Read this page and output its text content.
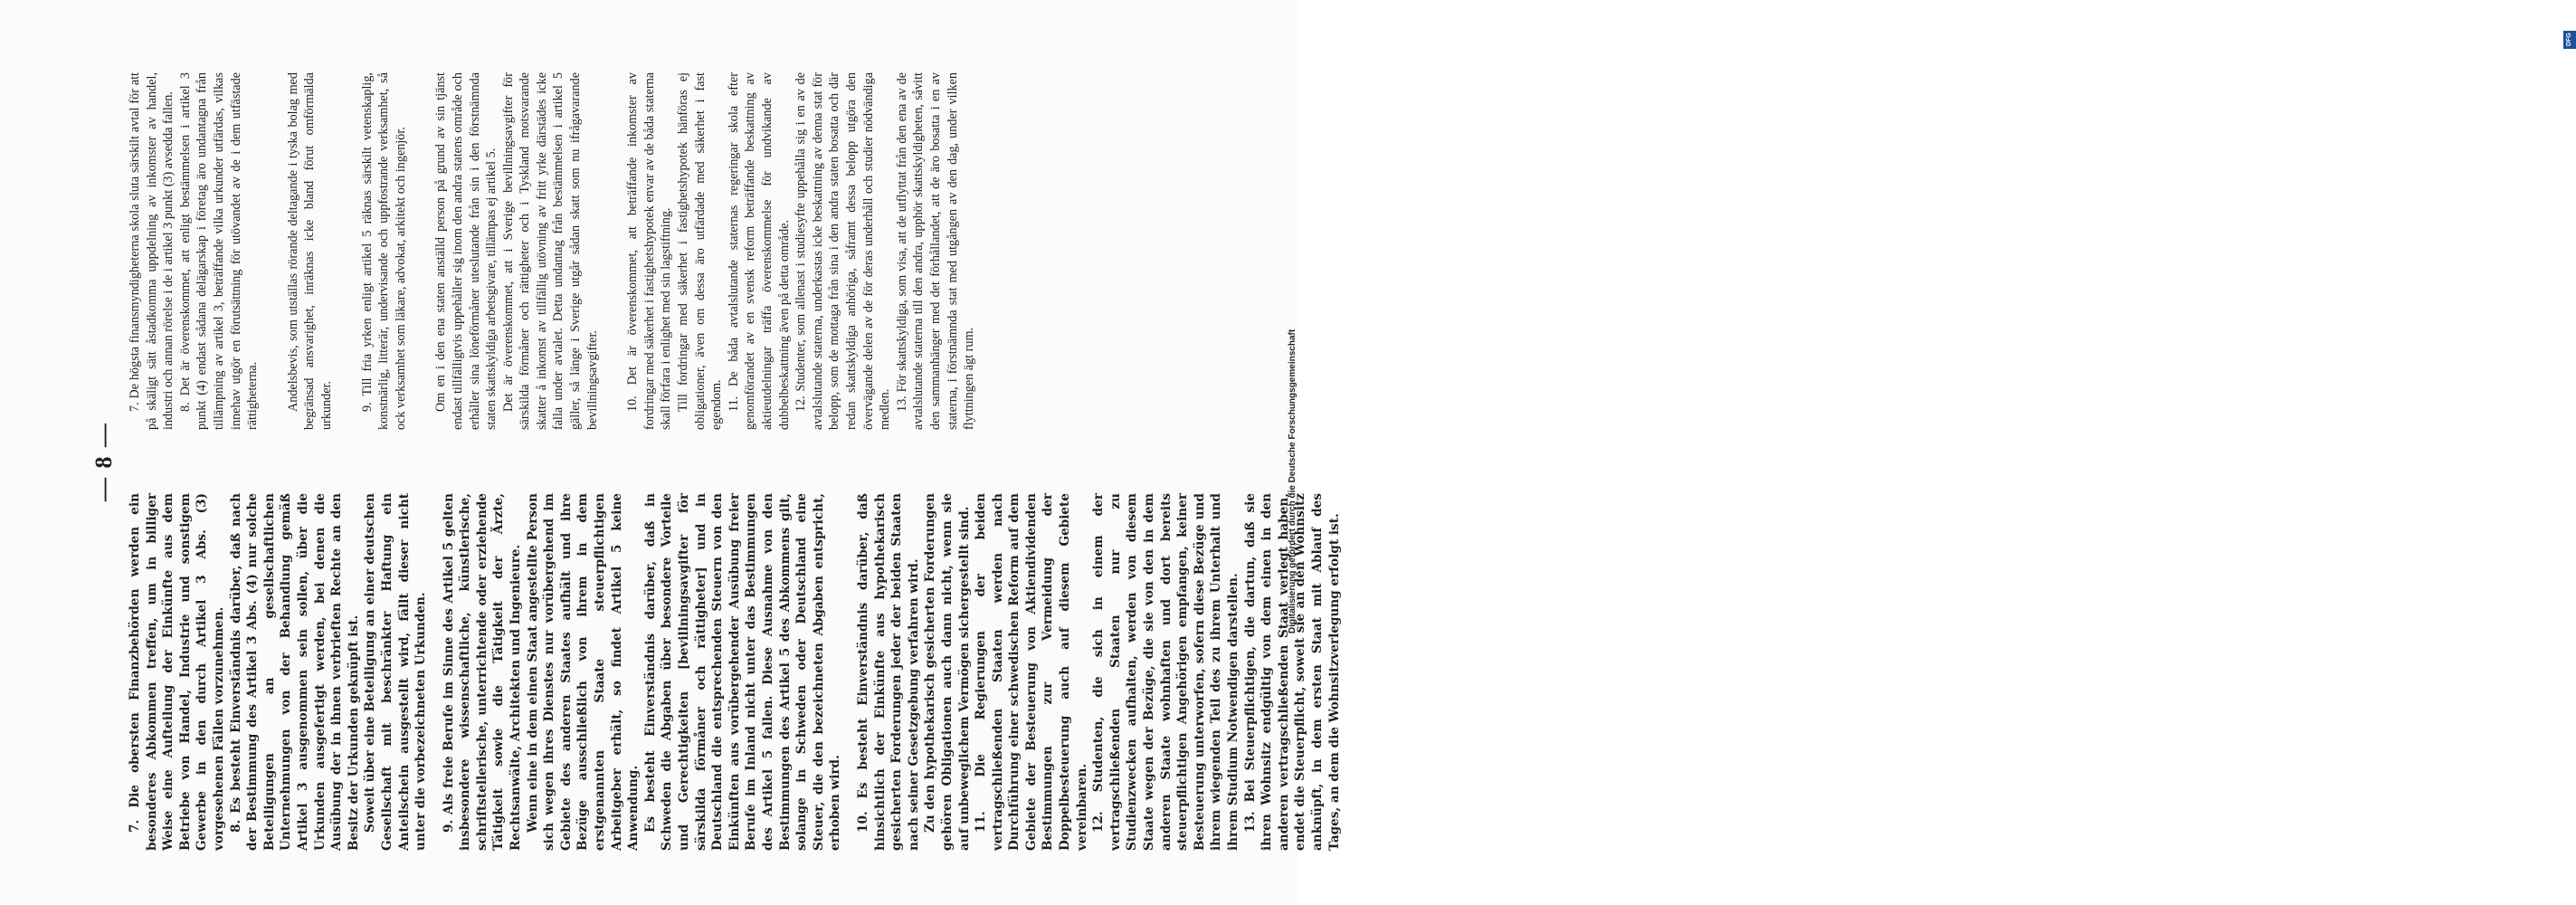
— 8 —

7. Die obersten Finanzbehörden werden ein besonderes Abkommen treffen, um in billiger Weise eine Aufteilung der Einkünfte aus dem Betriebe von Handel, Industrie und sonstigem Gewerbe in den durch Artikel 3 Abs. (3) vorgesehenen Fällen vorzunehmen. 8. Es besteht Einverständnis darüber, daß nach der Bestimmung des Artikel 3 Abs. (4) nur solche Beteiligungen an gesellschaftlichen Unternehmungen von der Behandlung gemäß Artikel 3 ausgenommen sein sollen, über die Urkunden ausgefertigt werden, bei denen die Ausübung der in ihnen verbrieften Rechte an den Besitz der Urkunden geknüpft ist. Soweit über eine Beteiligung an einer deutschen Gesellschaft mit beschränkter Haftung ein Anteilschein ausgestellt wird, fällt dieser nicht unter die vorbezeichneten Urkunden. 9. Als freie Berufe im Sinne des Artikel 5 gelten insbesondere wissenschaftliche, künstlerische, schriftstellerische, unterrichtende oder erziehende Tätigkeit sowie die Tätigkeit der Ärzte, Rechtsanwälte, Architekten und Ingenieure. Wenn eine in dem einen Staat angestellte Person sich wegen ihres Dienstes nur vorübergehend im Gebiete des anderen Staates aufhält und ihre Bezüge ausschließlich von ihrem in dem erstgenannten Staate steuerpflichtigen Arbeitgeber erhält, so findet Artikel 5 keine Anwendung. Es besteht Einverständnis darüber, daß in Schweden die Abgaben über besondere Vorteile und Gerechtigkeiten [bevillningsavgifter för särskilda förmåner och rättigheter] und in Deutschland die entsprechenden Steuern von den Einkünften aus vorübergehender Ausübung freier Berufe im Inland nicht unter das Bestimmungen des Artikel 5 fallen. Diese Ausnahme von den Bestimmungen des Artikel 5 des Abkommens gilt, solange in Schweden oder Deutschland eine Steuer, die den bezeichneten Abgaben entspricht, erhoben wird. 10. Es besteht Einverständnis darüber, daß hinsichtlich der Einkünfte aus hypothekarisch gesicherten Forderungen jeder der beiden Staaten nach seiner Gesetzgebung verfahren wird. Zu den hypothekarisch gesicherten Forderungen gehören Obligationen auch dann nicht, wenn sie auf unbeweglichem Vermögen sichergestellt sind. 11. Die Regierungen der beiden vertragschließenden Staaten werden nach Durchführung einer schwedischen Reform auf dem Gebiete der Besteuerung von Aktiendividenden Bestimmungen zur Vermeidung der Doppelbesteuerung auch auf diesem Gebiete vereinbaren. 12. Studenten, die sich in einem der vertragschließenden Staaten nur zu Studienzwecken aufhalten, werden von diesem Staate wegen der Bezüge, die sie von den in dem anderen Staate wohnhaften und dort bereits steuerpflichtigen Angehörigen empfangen, keiner Besteuerung unterworfen, sofern diese Bezüge und ihrem wiegenden Teil des zu ihrem Unterhalt und ihrem Studium Notwendigen darstellen. 13. Bei Steuerpflichtigen, die dartun, daß sie ihren Wohnsitz endgültig von dem einen in den anderen vertragschließenden Staat verlegt haben, endet die Steuerpflicht, soweit sie an den Wohnsitz anknüpft, in dem ersten Staat mit Ablauf des Tages, an dem die Wohnsitzverlegung erfolgt ist.

7. De högsta finansmyndigheterna skola sluta särskilt avtal för att på skäligt sätt åstadkomma uppdelning av inkomster av handel, industri och annan rörelse i de i artikel 3 punkt (3) avsedda fallen. 8. Det är överenskommet, att enligt bestämmelsen i artikel 3 punkt (4) endast sådana delägarskap i företag äro undantagna från tillämpning av artikel 3, beträffande vilka urkunder utfärdas, vilkas innehav utgör en förutsättning för utövandet av de i dem utfästade rättigheterna. Andelsbevis, som utställas rörande deltagande i tyska bolag med begränsad ansvarighet, inräknas icke bland förut omförmälda urkunder. 9. Till fria yrken enligt artikel 5 räknas särskilt vetenskaplig, konstnärlig, litterär, undervisande och uppfostrande verksamhet, så ock verksamhet som läkare, advokat, arkitekt och ingenjör. Om en i den ena staten anställd person på grund av sin tjänst endast tillfälligtvis uppehåller sig inom den andra statens område och erhåller sina löneförmåner uteslutande från sin i den förstnämnda staten skattskyldiga arbetsgivare, tillämpas ej artikel 5. Det är överenskommet, att i Sverige bevillningsavgifter för särskilda förmåner och rättigheter och i Tyskland motsvarande skatter å inkomst av tillfällig utövning av fritt yrke därstädes icke falla under avtalet. Detta undantag från bestämmelsen i artikel 5 gäller, så länge i Sverige utgår sådan skatt som nu ifrågavarande bevillningsavgifter. 10. Det är överenskommet, att beträffande inkomster av fordringar med säkerhet i fastighetshypotek envar av de båda staterna skall förfara i enlighet med sin lagstiftning. Till fordringar med säkerhet i fastighetshypotek hänföras ej obligationer, även om dessa äro utfärdade med säkerhet i fast egendom. 11. De båda avtalslutande staternas regeringar skola efter genomförandet av en svensk reform beträffande beskattning av aktieutdelningar träffa överenskommelse för undvikande av dubbelbeskattning även på detta område. 12. Studenter, som allenast i studiesyfte uppehålla sig i en av de avtalslutande staterna, underkastas icke beskattning av denna stat för belopp, som de mottaga från sina i den andra staten bosatta och där redan skattskyldiga anhöriga, såframt dessa belopp utgöra den övervägande delen av de för deras underhåll och studier nödvändiga medlen. 13. För skattskyldiga, som visa, att de utflyttat från den ena av de avtalslutande staterna till den andra, upphör skattskyldigheten, såvitt den sammanhänger med det förhållandet, att de äro bosatta i en av staterna, i förstnämnda stat med utgången av den dag, under vilken flyttningen ägt rum.

DFG
Digitalisierung gefördert durch die Deutsche Forschungsgemeinschaft
